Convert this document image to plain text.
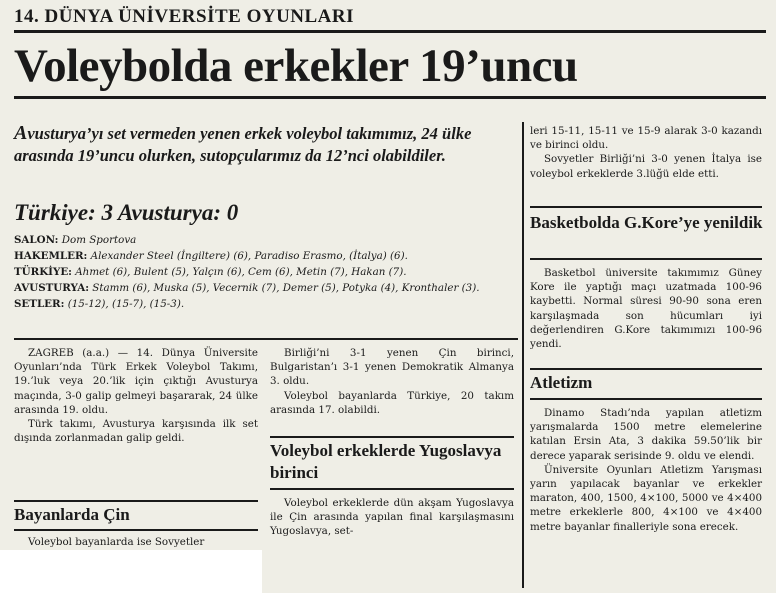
14. DÜNYA ÜNİVERSİTE OYUNLARI
Voleybolda erkekler 19’uncu
Avusturya’yı set vermeden yenen erkek voleybol takımımız, 24 ülke arasında 19’uncu olurken, sutopçularımız da 12’nci olabildiler.
Türkiye: 3 Avusturya: 0
SALON: Dom Sportova
HAKEMLER: Alexander Steel (İngiltere) (6), Paradiso Erasmo, (İtalya) (6).
TÜRKİYE: Ahmet (6), Bulent (5), Yalçın (6), Cem (6), Metin (7), Hakan (7).
AVUSTURYA: Stamm (6), Muska (5), Vecernik (7), Demer (5), Potyka (4), Kronthaler (3).
SETLER: (15-12), (15-7), (15-3).

ZAGREB (a.a.) — 14. Dünya Üniversite Oyunları’nda Türk Erkek Voleybol Takımı, 19.’luk veya 20.’lik için çıktığı Avusturya maçında, 3-0 galip gelmeyi başararak, 24 ülke arasında 19. oldu.

Türk takımı, Avusturya karşısında ilk set dışında zorlanmadan galip geldi.

Bayanlarda Çin

Voleybol bayanlarda ise Sovyetler

Birliği’ni 3-1 yenen Çin birinci, Bulgaristan’ı 3-1 yenen Demokratik Almanya 3. oldu.

Voleybol bayanlarda Türkiye, 20 takım arasında 17. olabildi.

Voleybol erkeklerde Yugoslavya birinci

Voleybol erkeklerde dün akşam Yugoslavya ile Çin arasında yapılan final karşılaşmasını Yugoslavya, set-

leri 15-11, 15-11 ve 15-9 alarak 3-0 kazandı ve birinci oldu.

Sovyetler Birliği’ni 3-0 yenen İtalya ise voleybol erkeklerde 3.lüğü elde etti.

Basketbolda G.Kore’ye yenildik

Basketbol üniversite takımımız Güney Kore ile yaptığı maçı uzatmada 100-96 kaybetti. Normal süresi 90-90 sona eren karşılaşmada son hücumları iyi değerlendiren G.Kore takımımızı 100-96 yendi.

Atletizm

Dinamo Stadı’nda yapılan atletizm yarışmalarda 1500 metre elemelerine katılan Ersin Ata, 3 dakika 59.50’lik bir derece yaparak serisinde 9. oldu ve elendi.

Üniversite Oyunları Atletizm Yarışması yarın yapılacak bayanlar ve erkekler maraton, 400, 1500, 4×100, 5000 ve 4×400 metre erkeklerle 800, 4×100 ve 4×400 metre bayanlar finalleriyle sona erecek.
